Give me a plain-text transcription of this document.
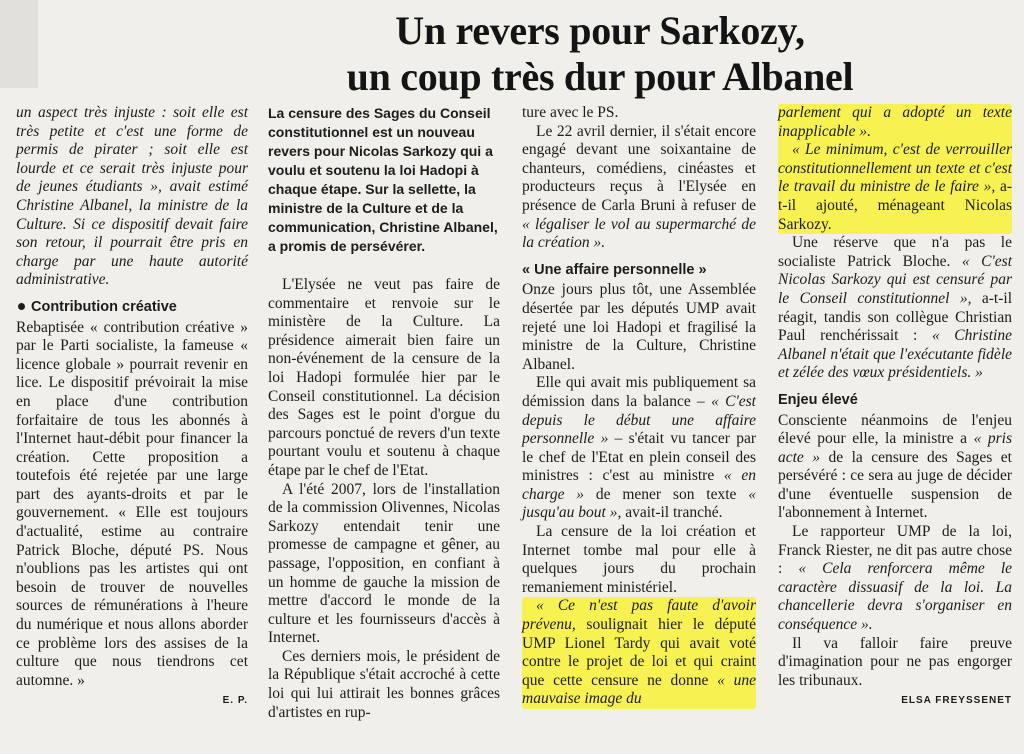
Un revers pour Sarkozy,
un coup très dur pour Albanel

un aspect très injuste : soit elle est très petite et c'est une forme de permis de pirater ; soit elle est lourde et ce serait très injuste pour de jeunes étudiants », avait estimé Christine Albanel, la ministre de la Culture. Si ce dispositif devait faire son retour, il pourrait être pris en charge par une haute autorité administrative.

Contribution créative

Rebaptisée « contribution créative » par le Parti socialiste, la fameuse « licence globale » pourrait revenir en lice. Le dispositif prévoirait la mise en place d'une contribution forfaitaire de tous les abonnés à l'Internet haut-débit pour financer la création. Cette proposition a toutefois été rejetée par une large part des ayants-droits et par le gouvernement. « Elle est toujours d'actualité, estime au contraire Patrick Bloche, député PS. Nous n'oublions pas les artistes qui ont besoin de trouver de nouvelles sources de rémunérations à l'heure du numérique et nous allons aborder ce problème lors des assises de la culture que nous tiendrons cet automne. »

E. P.
La censure des Sages du Conseil constitutionnel est un nouveau revers pour Nicolas Sarkozy qui a voulu et soutenu la loi Hadopi à chaque étape. Sur la sellette, la ministre de la Culture et de la communication, Christine Albanel, a promis de persévérer.

L'Elysée ne veut pas faire de commentaire et renvoie sur le ministère de la Culture. La présidence aimerait bien faire un non-événement de la censure de la loi Hadopi formulée hier par le Conseil constitutionnel. La décision des Sages est le point d'orgue du parcours ponctué de revers d'un texte pourtant voulu et soutenu à chaque étape par le chef de l'Etat.

A l'été 2007, lors de l'installation de la commission Olivennes, Nicolas Sarkozy entendait tenir une promesse de campagne et gêner, au passage, l'opposition, en confiant à un homme de gauche la mission de mettre d'accord le monde de la culture et les fournisseurs d'accès à Internet.

Ces derniers mois, le président de la République s'était accroché à cette loi qui lui attirait les bonnes grâces d'artistes en rup-

ture avec le PS.

Le 22 avril dernier, il s'était encore engagé devant une soixantaine de chanteurs, comédiens, cinéastes et producteurs reçus à l'Elysée en présence de Carla Bruni à refuser de « légaliser le vol au supermarché de la création ».

« Une affaire personnelle »

Onze jours plus tôt, une Assemblée désertée par les députés UMP avait rejeté une loi Hadopi et fragilisé la ministre de la Culture, Christine Albanel.

Elle qui avait mis publiquement sa démission dans la balance – « C'est depuis le début une affaire personnelle » – s'était vu tancer par le chef de l'Etat en plein conseil des ministres : c'est au ministre « en charge » de mener son texte « jusqu'au bout », avait-il tranché.

La censure de la loi création et Internet tombe mal pour elle à quelques jours du prochain remaniement ministériel.

« Ce n'est pas faute d'avoir prévenu, soulignait hier le député UMP Lionel Tardy qui avait voté contre le projet de loi et qui craint que cette censure ne donne « une mauvaise image du

parlement qui a adopté un texte inapplicable ».

« Le minimum, c'est de verrouiller constitutionnellement un texte et c'est le travail du ministre de le faire », a-t-il ajouté, ménageant Nicolas Sarkozy.

Une réserve que n'a pas le socialiste Patrick Bloche. « C'est Nicolas Sarkozy qui est censuré par le Conseil constitutionnel », a-t-il réagit, tandis son collègue Christian Paul renchérissait : « Christine Albanel n'était que l'exécutante fidèle et zélée des vœux présidentiels. »

Enjeu élevé

Consciente néanmoins de l'enjeu élevé pour elle, la ministre a « pris acte » de la censure des Sages et persévéré : ce sera au juge de décider d'une éventuelle suspension de l'abonnement à Internet.

Le rapporteur UMP de la loi, Franck Riester, ne dit pas autre chose : « Cela renforcera même le caractère dissuasif de la loi. La chancellerie devra s'organiser en conséquence ».

Il va falloir faire preuve d'imagination pour ne pas engorger les tribunaux.

ELSA FREYSSENET
